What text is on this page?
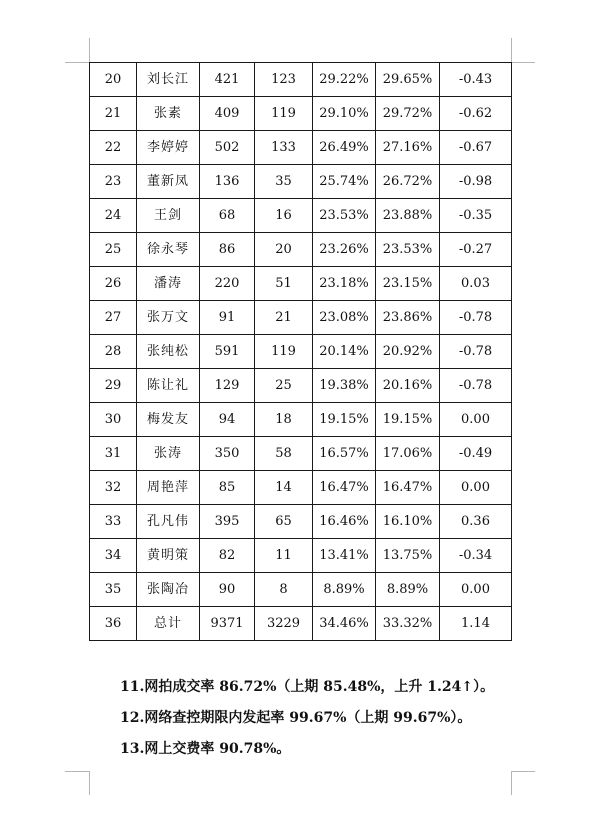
20	刘长江	421	123	29.22%	29.65%	-0.43
21	张素	409	119	29.10%	29.72%	-0.62
22	李婷婷	502	133	26.49%	27.16%	-0.67
23	董新凤	136	35	25.74%	26.72%	-0.98
24	王剑	68	16	23.53%	23.88%	-0.35
25	徐永琴	86	20	23.26%	23.53%	-0.27
26	潘涛	220	51	23.18%	23.15%	0.03
27	张万文	91	21	23.08%	23.86%	-0.78
28	张纯松	591	119	20.14%	20.92%	-0.78
29	陈让礼	129	25	19.38%	20.16%	-0.78
30	梅发友	94	18	19.15%	19.15%	0.00
31	张涛	350	58	16.57%	17.06%	-0.49
32	周艳萍	85	14	16.47%	16.47%	0.00
33	孔凡伟	395	65	16.46%	16.10%	0.36
34	黄明策	82	11	13.41%	13.75%	-0.34
35	张陶冶	90	8	8.89%	8.89%	0.00
36	总计	9371	3229	34.46%	33.32%	1.14

11.网拍成交率 86.72%（上期 85.48%，上升 1.24↑）。

12.网络查控期限内发起率 99.67%（上期 99.67%）。

13.网上交费率 90.78%。
